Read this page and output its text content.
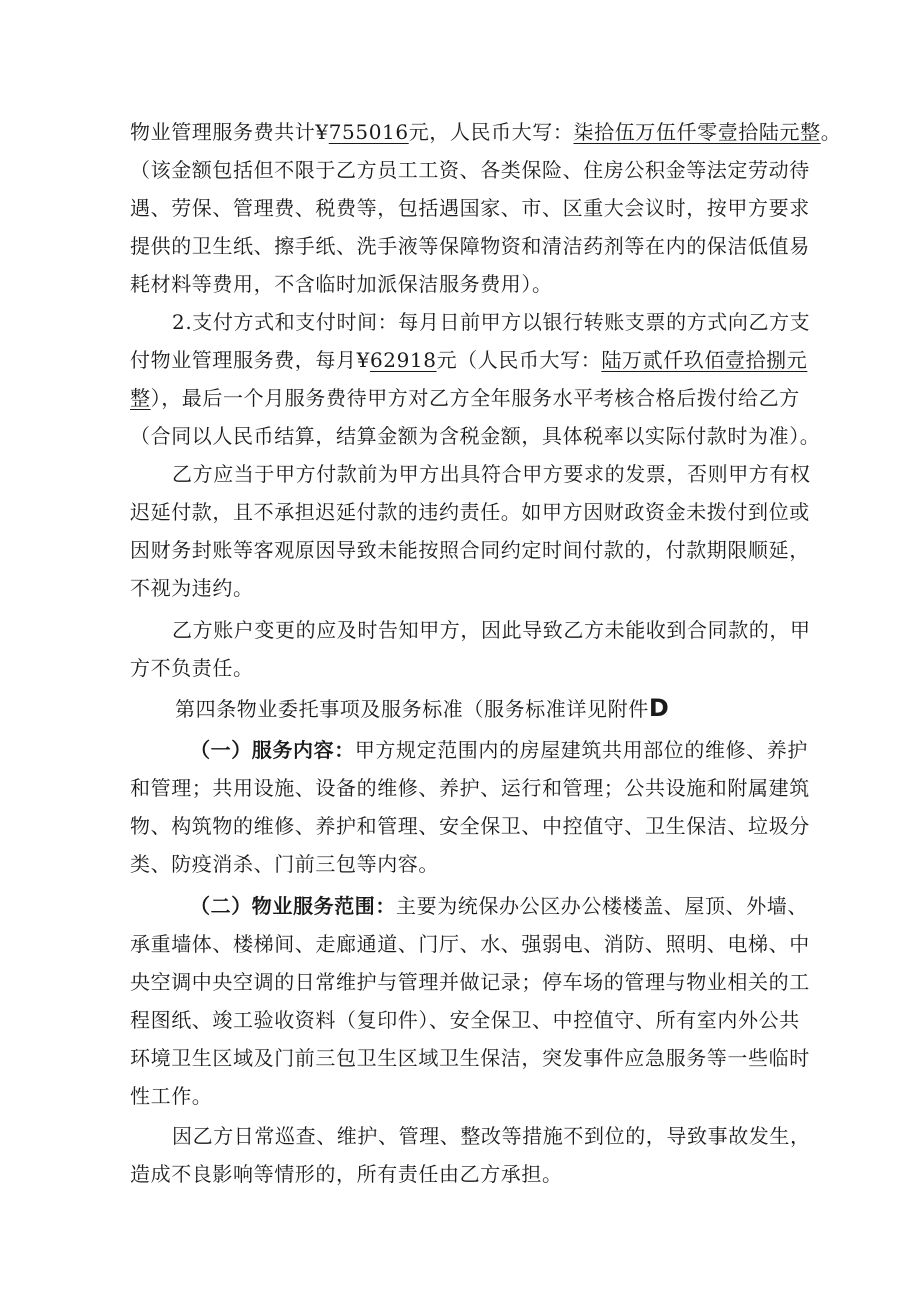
物业管理服务费共计¥755016元，人民币大写：柒拾伍万伍仟零壹拾陆元整。
（该金额包括但不限于乙方员工工资、各类保险、住房公积金等法定劳动待
遇、劳保、管理费、税费等，包括遇国家、市、区重大会议时，按甲方要求
提供的卫生纸、擦手纸、洗手液等保障物资和清洁药剂等在内的保洁低值易
耗材料等费用，不含临时加派保洁服务费用）。
2.支付方式和支付时间：每月日前甲方以银行转账支票的方式向乙方支
付物业管理服务费，每月¥62918元（人民币大写：陆万贰仟玖佰壹拾捌元
整），最后一个月服务费待甲方对乙方全年服务水平考核合格后拨付给乙方
（合同以人民币结算，结算金额为含税金额，具体税率以实际付款时为准）。
乙方应当于甲方付款前为甲方出具符合甲方要求的发票，否则甲方有权
迟延付款，且不承担迟延付款的违约责任。如甲方因财政资金未拨付到位或
因财务封账等客观原因导致未能按照合同约定时间付款的，付款期限顺延，
不视为违约。
乙方账户变更的应及时告知甲方，因此导致乙方未能收到合同款的，甲
方不负责任。
第四条物业委托事项及服务标准（服务标准详见附件D
（一）服务内容：甲方规定范围内的房屋建筑共用部位的维修、养护
和管理；共用设施、设备的维修、养护、运行和管理；公共设施和附属建筑
物、构筑物的维修、养护和管理、安全保卫、中控值守、卫生保洁、垃圾分
类、防疫消杀、门前三包等内容。
（二）物业服务范围：主要为统保办公区办公楼楼盖、屋顶、外墙、
承重墙体、楼梯间、走廊通道、门厅、水、强弱电、消防、照明、电梯、中
央空调中央空调的日常维护与管理并做记录；停车场的管理与物业相关的工
程图纸、竣工验收资料（复印件）、安全保卫、中控值守、所有室内外公共
环境卫生区域及门前三包卫生区域卫生保洁，突发事件应急服务等一些临时
性工作。
因乙方日常巡查、维护、管理、整改等措施不到位的，导致事故发生，
造成不良影响等情形的，所有责任由乙方承担。
